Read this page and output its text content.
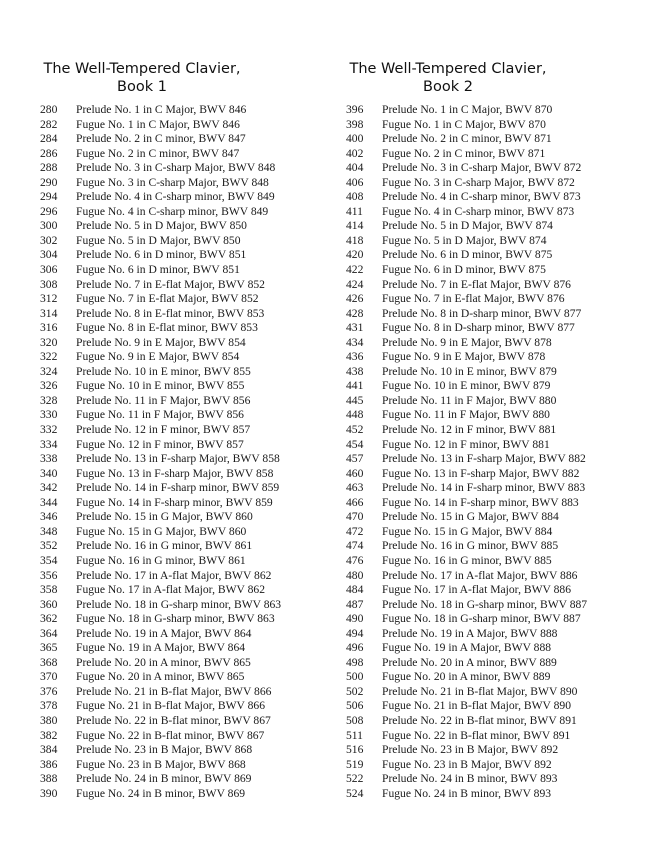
The Well-Tempered Clavier,
Book 1
280	Prelude No. 1 in C Major, BWV 846
282	Fugue No. 1 in C Major, BWV 846
284	Prelude No. 2 in C minor, BWV 847
286	Fugue No. 2 in C minor, BWV 847
288	Prelude No. 3 in C-sharp Major, BWV 848
290	Fugue No. 3 in C-sharp Major, BWV 848
294	Prelude No. 4 in C-sharp minor, BWV 849
296	Fugue No. 4 in C-sharp minor, BWV 849
300	Prelude No. 5 in D Major, BWV 850
302	Fugue No. 5 in D Major, BWV 850
304	Prelude No. 6 in D minor, BWV 851
306	Fugue No. 6 in D minor, BWV 851
308	Prelude No. 7 in E-flat Major, BWV 852
312	Fugue No. 7 in E-flat Major, BWV 852
314	Prelude No. 8 in E-flat minor, BWV 853
316	Fugue No. 8 in E-flat minor, BWV 853
320	Prelude No. 9 in E Major, BWV 854
322	Fugue No. 9 in E Major, BWV 854
324	Prelude No. 10 in E minor, BWV 855
326	Fugue No. 10 in E minor, BWV 855
328	Prelude No. 11 in F Major, BWV 856
330	Fugue No. 11 in F Major, BWV 856
332	Prelude No. 12 in F minor, BWV 857
334	Fugue No. 12 in F minor, BWV 857
338	Prelude No. 13 in F-sharp Major, BWV 858
340	Fugue No. 13 in F-sharp Major, BWV 858
342	Prelude No. 14 in F-sharp minor, BWV 859
344	Fugue No. 14 in F-sharp minor, BWV 859
346	Prelude No. 15 in G Major, BWV 860
348	Fugue No. 15 in G Major, BWV 860
352	Prelude No. 16 in G minor, BWV 861
354	Fugue No. 16 in G minor, BWV 861
356	Prelude No. 17 in A-flat Major, BWV 862
358	Fugue No. 17 in A-flat Major, BWV 862
360	Prelude No. 18 in G-sharp minor, BWV 863
362	Fugue No. 18 in G-sharp minor, BWV 863
364	Prelude No. 19 in A Major, BWV 864
365	Fugue No. 19 in A Major, BWV 864
368	Prelude No. 20 in A minor, BWV 865
370	Fugue No. 20 in A minor, BWV 865
376	Prelude No. 21 in B-flat Major, BWV 866
378	Fugue No. 21 in B-flat Major, BWV 866
380	Prelude No. 22 in B-flat minor, BWV 867
382	Fugue No. 22 in B-flat minor, BWV 867
384	Prelude No. 23 in B Major, BWV 868
386	Fugue No. 23 in B Major, BWV 868
388	Prelude No. 24 in B minor, BWV 869
390	Fugue No. 24 in B minor, BWV 869
The Well-Tempered Clavier,
Book 2
396	Prelude No. 1 in C Major, BWV 870
398	Fugue No. 1 in C Major, BWV 870
400	Prelude No. 2 in C minor, BWV 871
402	Fugue No. 2 in C minor, BWV 871
404	Prelude No. 3 in C-sharp Major, BWV 872
406	Fugue No. 3 in C-sharp Major, BWV 872
408	Prelude No. 4 in C-sharp minor, BWV 873
411	Fugue No. 4 in C-sharp minor, BWV 873
414	Prelude No. 5 in D Major, BWV 874
418	Fugue No. 5 in D Major, BWV 874
420	Prelude No. 6 in D minor, BWV 875
422	Fugue No. 6 in D minor, BWV 875
424	Prelude No. 7 in E-flat Major, BWV 876
426	Fugue No. 7 in E-flat Major, BWV 876
428	Prelude No. 8 in D-sharp minor, BWV 877
431	Fugue No. 8 in D-sharp minor, BWV 877
434	Prelude No. 9 in E Major, BWV 878
436	Fugue No. 9 in E Major, BWV 878
438	Prelude No. 10 in E minor, BWV 879
441	Fugue No. 10 in E minor, BWV 879
445	Prelude No. 11 in F Major, BWV 880
448	Fugue No. 11 in F Major, BWV 880
452	Prelude No. 12 in F minor, BWV 881
454	Fugue No. 12 in F minor, BWV 881
457	Prelude No. 13 in F-sharp Major, BWV 882
460	Fugue No. 13 in F-sharp Major, BWV 882
463	Prelude No. 14 in F-sharp minor, BWV 883
466	Fugue No. 14 in F-sharp minor, BWV 883
470	Prelude No. 15 in G Major, BWV 884
472	Fugue No. 15 in G Major, BWV 884
474	Prelude No. 16 in G minor, BWV 885
476	Fugue No. 16 in G minor, BWV 885
480	Prelude No. 17 in A-flat Major, BWV 886
484	Fugue No. 17 in A-flat Major, BWV 886
487	Prelude No. 18 in G-sharp minor, BWV 887
490	Fugue No. 18 in G-sharp minor, BWV 887
494	Prelude No. 19 in A Major, BWV 888
496	Fugue No. 19 in A Major, BWV 888
498	Prelude No. 20 in A minor, BWV 889
500	Fugue No. 20 in A minor, BWV 889
502	Prelude No. 21 in B-flat Major, BWV 890
506	Fugue No. 21 in B-flat Major, BWV 890
508	Prelude No. 22 in B-flat minor, BWV 891
511	Fugue No. 22 in B-flat minor, BWV 891
516	Prelude No. 23 in B Major, BWV 892
519	Fugue No. 23 in B Major, BWV 892
522	Prelude No. 24 in B minor, BWV 893
524	Fugue No. 24 in B minor, BWV 893
